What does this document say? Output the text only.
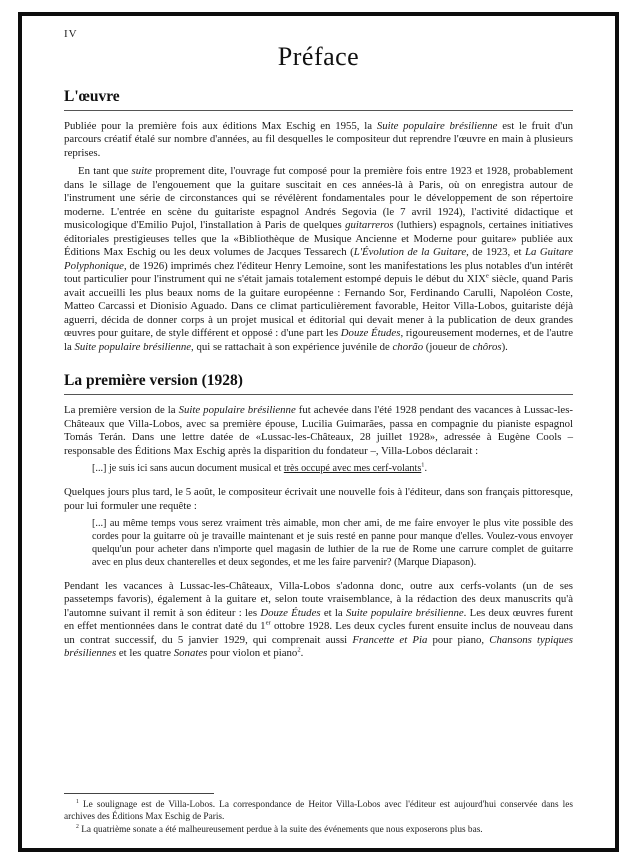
IV
Préface
L'œuvre

Publiée pour la première fois aux éditions Max Eschig en 1955, la Suite populaire brésilienne est le fruit d'un parcours créatif étalé sur nombre d'années, au fil desquelles le compositeur dut reprendre l'œuvre en main à plusieurs reprises.

En tant que suite proprement dite, l'ouvrage fut composé pour la première fois entre 1923 et 1928, probablement dans le sillage de l'engouement que la guitare suscitait en ces années-là à Paris, où on enregistra autour de l'instrument une série de circonstances qui se révélèrent fondamentales pour le développement de son répertoire moderne. L'entrée en scène du guitariste espagnol Andrés Segovia (le 7 avril 1924), l'activité didactique et musicologique d'Emilio Pujol, l'installation à Paris de quelques guitarreros (luthiers) espagnols, certaines initiatives éditoriales prestigieuses telles que la «Bibliothèque de Musique Ancienne et Moderne pour guitare» publiée aux Éditions Max Eschig ou les deux volumes de Jacques Tessarech (L'Évolution de la Guitare, de 1923, et La Guitare Polyphonique, de 1926) imprimés chez l'éditeur Henry Lemoine, sont les manifestations les plus notables d'un intérêt tout particulier pour l'instrument qui ne s'était jamais totalement estompé depuis le début du XIXe siècle, quand Paris avait accueilli les plus beaux noms de la guitare européenne : Fernando Sor, Ferdinando Carulli, Napoléon Coste, Matteo Carcassi et Dionisio Aguado. Dans ce climat particulièrement favorable, Heitor Villa-Lobos, guitariste déjà aguerri, décida de donner corps à un projet musical et éditorial qui devait mener à la publication de deux grandes œuvres pour guitare, de style différent et opposé : d'une part les Douze Études, rigoureusement modernes, et de l'autre la Suite populaire brésilienne, qui se rattachait à son expérience juvénile de chorão (joueur de chôros).

La première version (1928)

La première version de la Suite populaire brésilienne fut achevée dans l'été 1928 pendant des vacances à Lussac-les-Châteaux que Villa-Lobos, avec sa première épouse, Lucilia Guimarães, passa en compagnie du pianiste espagnol Tomás Terán. Dans une lettre datée de «Lussac-les-Châteaux, 28 juillet 1928», adressée à Eugène Cools – responsable des Éditions Max Eschig après la disparition du fondateur –, Villa-Lobos déclarait :

[...] je suis ici sans aucun document musical et très occupé avec mes cerf-volants$^1$.

Quelques jours plus tard, le 5 août, le compositeur écrivait une nouvelle fois à l'éditeur, dans son français pittoresque, pour lui formuler une requête :

[...] au même temps vous serez vraiment très aimable, mon cher ami, de me faire envoyer le plus vite possible des cordes pour la guitarre où je travaille maintenant et je suis resté en panne pour manque d'elles. Voulez-vous envoyer quelqu'un pour acheter dans n'importe quel magasin de luthier de la rue de Rome une carrure complet de guitarre avec en plus deux chanterelles et deux segondes, et me les faire parvenir? (Marque Diapason).

Pendant les vacances à Lussac-les-Châteaux, Villa-Lobos s'adonna donc, outre aux cerfs-volants (un de ses passetemps favoris), également à la guitare et, selon toute vraisemblance, à la rédaction des deux manuscrits qu'à l'automne suivant il remit à son éditeur : les Douze Études et la Suite populaire brésilienne. Les deux œuvres furent en effet mentionnées dans le contrat daté du 1er ottobre 1928. Les deux cycles furent ensuite inclus de nouveau dans un contrat successif, du 5 janvier 1929, qui comprenait aussi Francette et Pia pour piano, Chansons typiques brésiliennes et les quatre Sonates pour violon et piano$^2$.

$^1$ Le soulignage est de Villa-Lobos. La correspondance de Heitor Villa-Lobos avec l'éditeur est aujourd'hui conservée dans les archives des Éditions Max Eschig de Paris.
$^2$ La quatrième sonate a été malheureusement perdue à la suite des événements que nous exposerons plus bas.
